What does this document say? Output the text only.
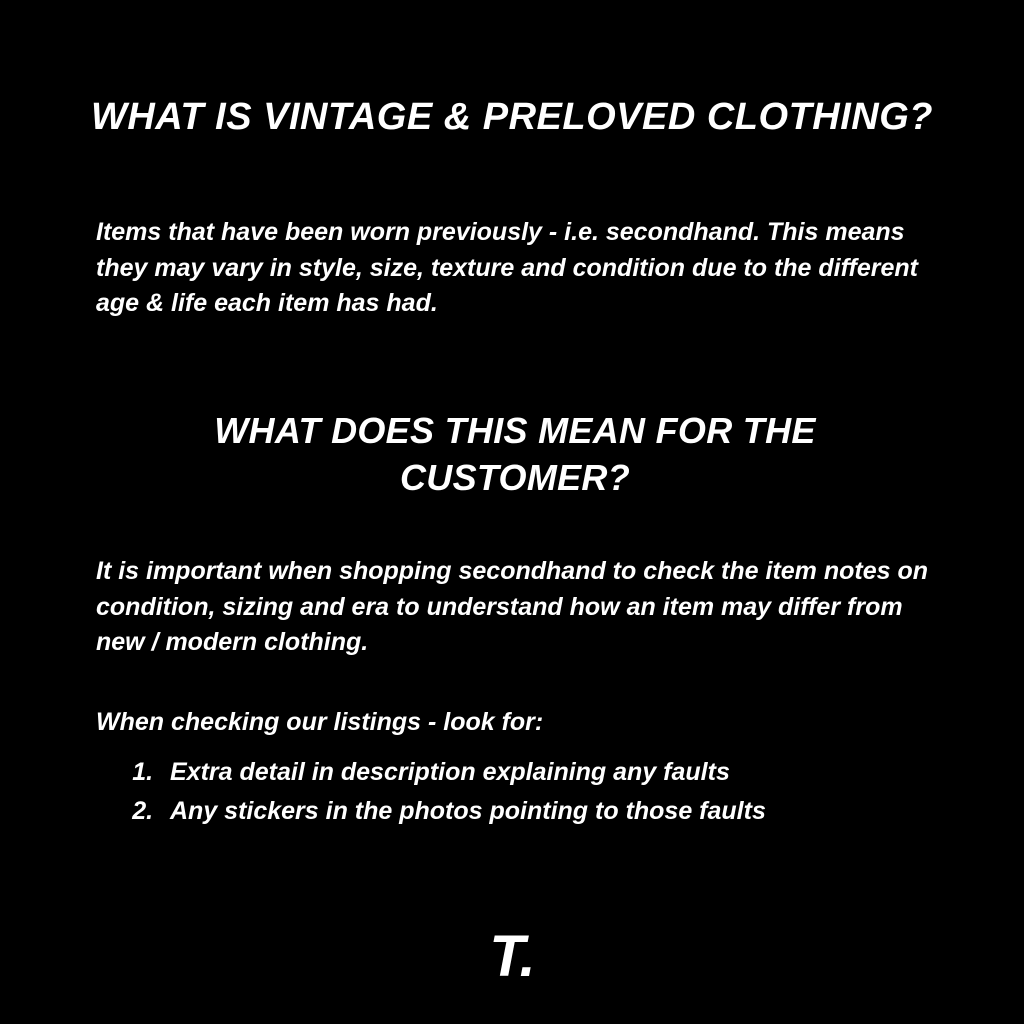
WHAT IS VINTAGE & PRELOVED CLOTHING?

Items that have been worn previously - i.e. secondhand. This means they may vary in style, size, texture and condition due to the different age & life each item has had.

WHAT DOES THIS MEAN FOR THE CUSTOMER?

It is important when shopping secondhand to check the item notes on condition, sizing and era to understand how an item may differ from new / modern clothing.

When checking our listings - look for:

1. Extra detail in description explaining any faults
2. Any stickers in the photos pointing to those faults
T.
